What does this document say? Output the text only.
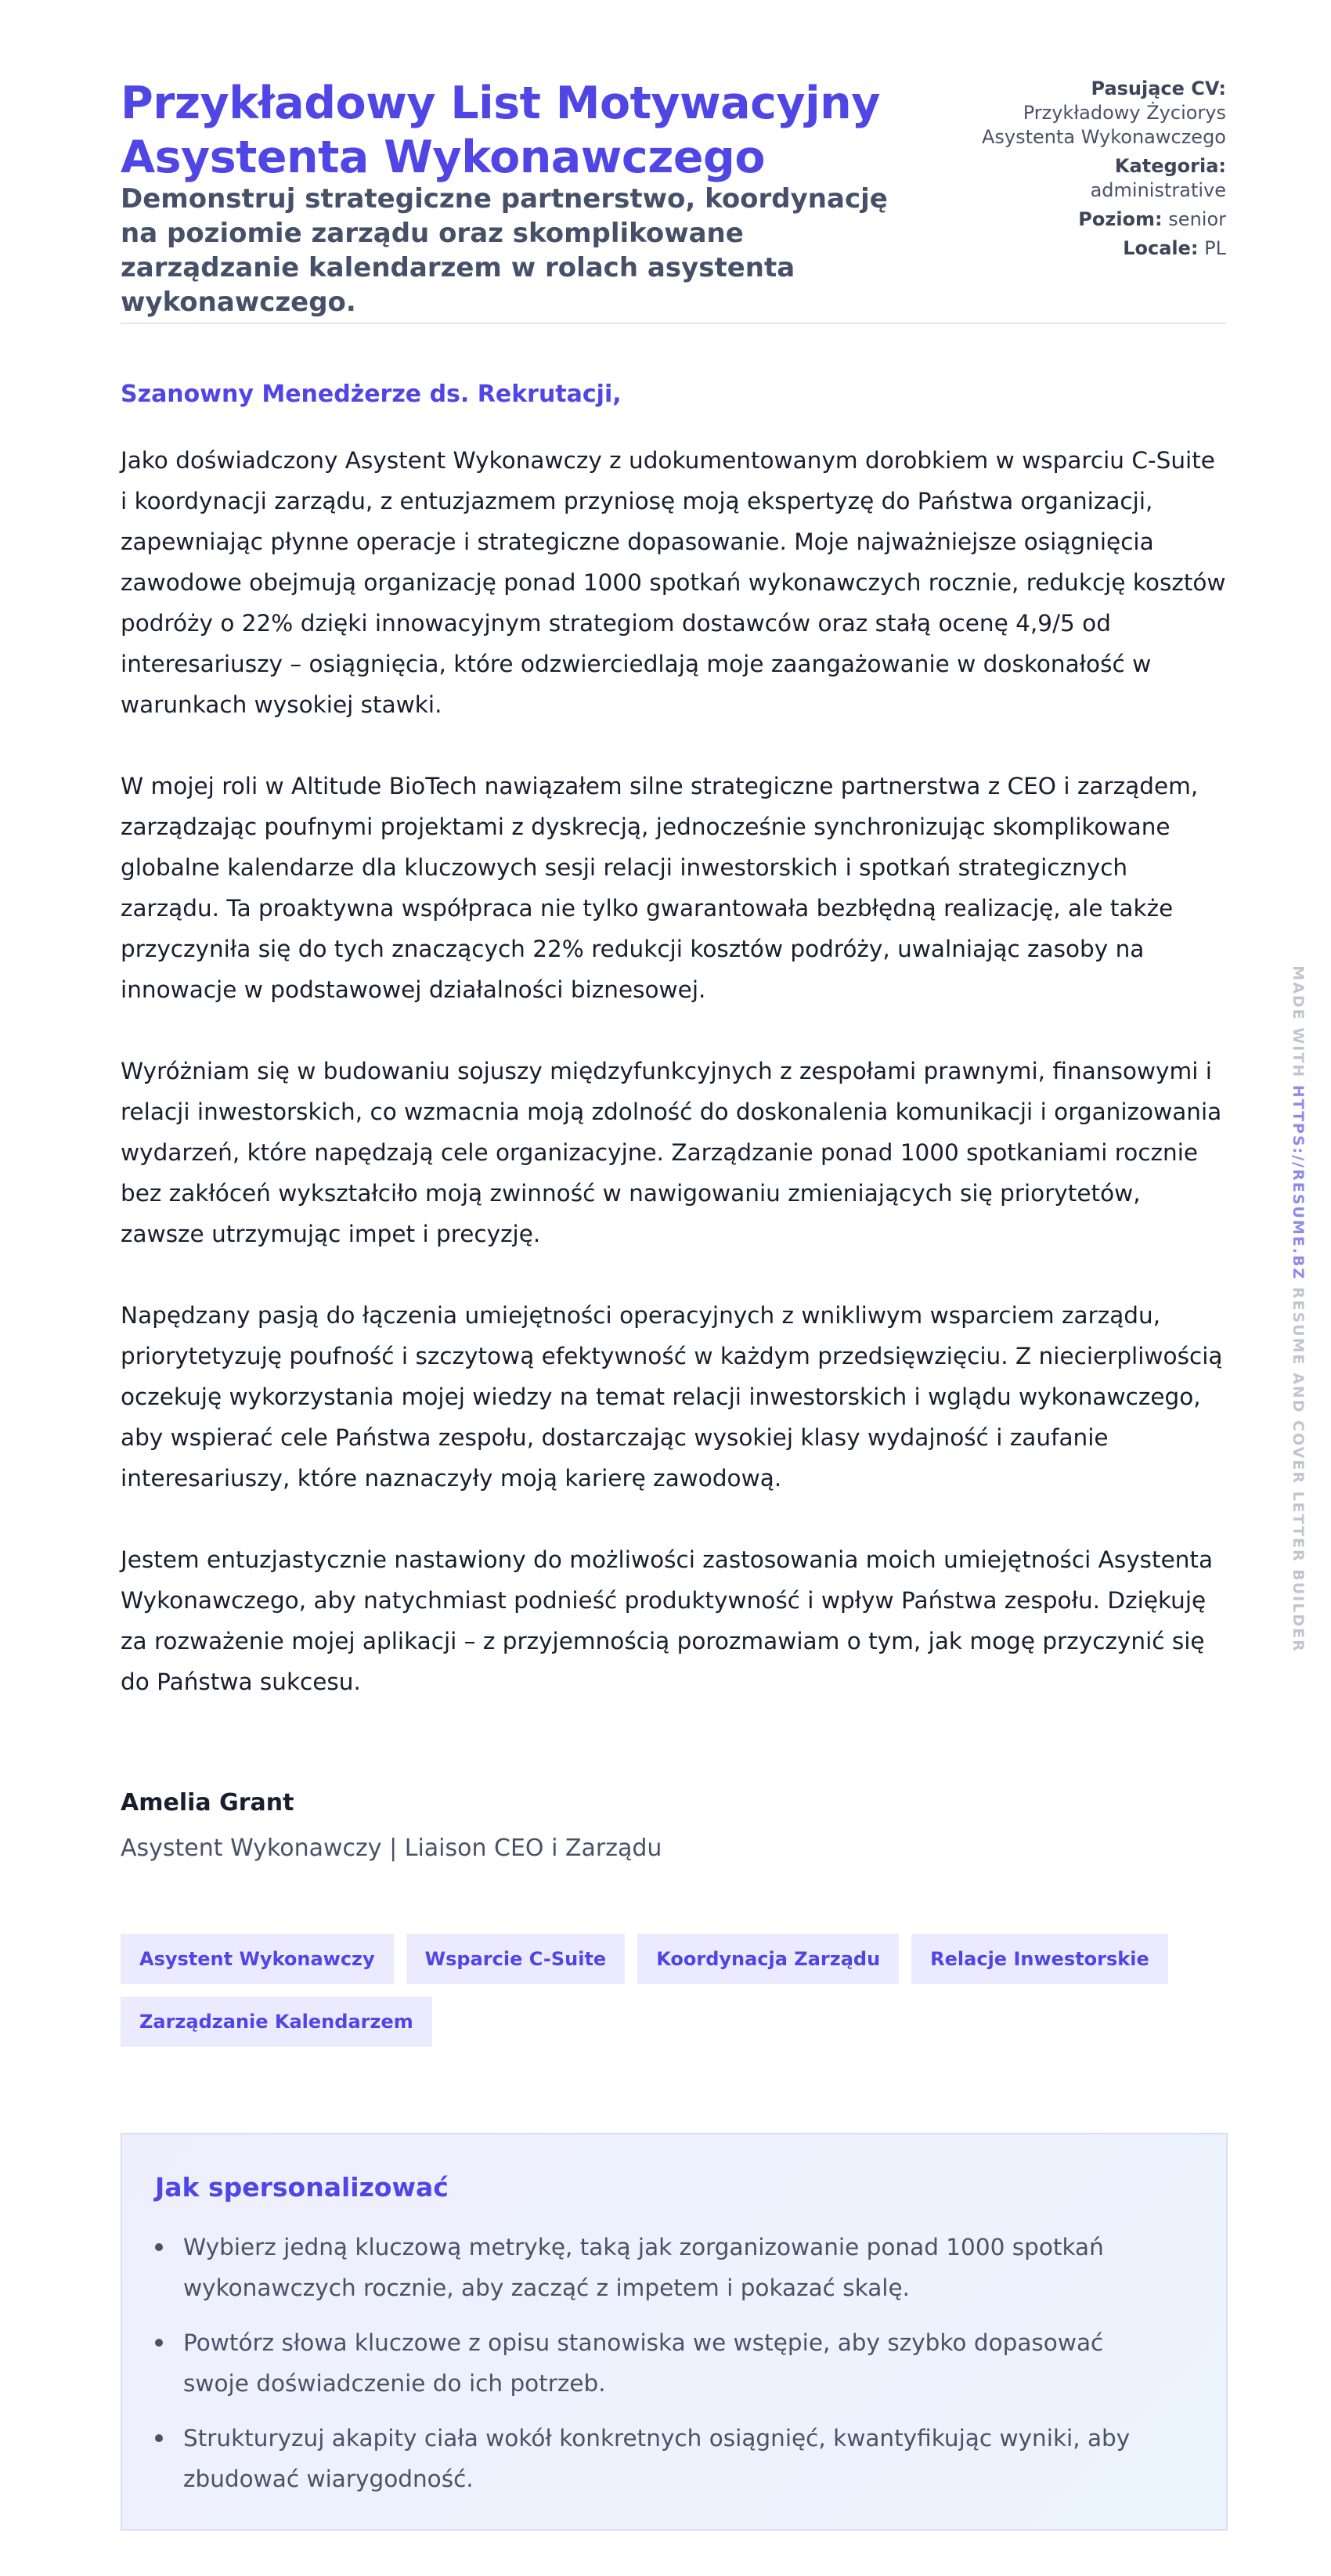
Przykładowy List Motywacyjny Asystenta Wykonawczego

Demonstruj strategiczne partnerstwo, koordynację na poziomie zarządu oraz skomplikowane zarządzanie kalendarzem w rolach asystenta wykonawczego.

Pasujące CV:
Przykładowy Życiorys Asystenta Wykonawczego
Kategoria:
administrative
Poziom: senior
Locale: PL

Szanowny Menedżerze ds. Rekrutacji,

Jako doświadczony Asystent Wykonawczy z udokumentowanym dorobkiem w wsparciu C-Suite i koordynacji zarządu, z entuzjazmem przyniosę moją ekspertyzę do Państwa organizacji, zapewniając płynne operacje i strategiczne dopasowanie. Moje najważniejsze osiągnięcia zawodowe obejmują organizację ponad 1000 spotkań wykonawczych rocznie, redukcję kosztów podróży o 22% dzięki innowacyjnym strategiom dostawców oraz stałą ocenę 4,9/5 od interesariuszy – osiągnięcia, które odzwierciedlają moje zaangażowanie w doskonałość w warunkach wysokiej stawki.

W mojej roli w Altitude BioTech nawiązałem silne strategiczne partnerstwa z CEO i zarządem, zarządzając poufnymi projektami z dyskrecją, jednocześnie synchronizując skomplikowane globalne kalendarze dla kluczowych sesji relacji inwestorskich i spotkań strategicznych zarządu. Ta proaktywna współpraca nie tylko gwarantowała bezbłędną realizację, ale także przyczyniła się do tych znaczących 22% redukcji kosztów podróży, uwalniając zasoby na innowacje w podstawowej działalności biznesowej.

Wyróżniam się w budowaniu sojuszy międzyfunkcyjnych z zespołami prawnymi, finansowymi i relacji inwestorskich, co wzmacnia moją zdolność do doskonalenia komunikacji i organizowania wydarzeń, które napędzają cele organizacyjne. Zarządzanie ponad 1000 spotkaniami rocznie bez zakłóceń wykształciło moją zwinność w nawigowaniu zmieniających się priorytetów, zawsze utrzymując impet i precyzję.

Napędzany pasją do łączenia umiejętności operacyjnych z wnikliwym wsparciem zarządu, priorytetyzuję poufność i szczytową efektywność w każdym przedsięwzięciu. Z niecierpliwością oczekuję wykorzystania mojej wiedzy na temat relacji inwestorskich i wglądu wykonawczego, aby wspierać cele Państwa zespołu, dostarczając wysokiej klasy wydajność i zaufanie interesariuszy, które naznaczyły moją karierę zawodową.

Jestem entuzjastycznie nastawiony do możliwości zastosowania moich umiejętności Asystenta Wykonawczego, aby natychmiast podnieść produktywność i wpływ Państwa zespołu. Dziękuję za rozważenie mojej aplikacji – z przyjemnością porozmawiam o tym, jak mogę przyczynić się do Państwa sukcesu.

Amelia Grant

Asystent Wykonawczy | Liaison CEO i Zarządu

Asystent Wykonawczy	Wsparcie C-Suite	Koordynacja Zarządu	Relacje Inwestorskie
Zarządzanie Kalendarzem
Jak spersonalizować
Wybierz jedną kluczową metrykę, taką jak zorganizowanie ponad 1000 spotkań wykonawczych rocznie, aby zacząć z impetem i pokazać skalę.
Powtórz słowa kluczowe z opisu stanowiska we wstępie, aby szybko dopasować swoje doświadczenie do ich potrzeb.
Strukturyzuj akapity ciała wokół konkretnych osiągnięć, kwantyfikując wyniki, aby zbudować wiarygodność.
MADE WITH HTTPS://RESUME.BZ RESUME AND COVER LETTER BUILDER
